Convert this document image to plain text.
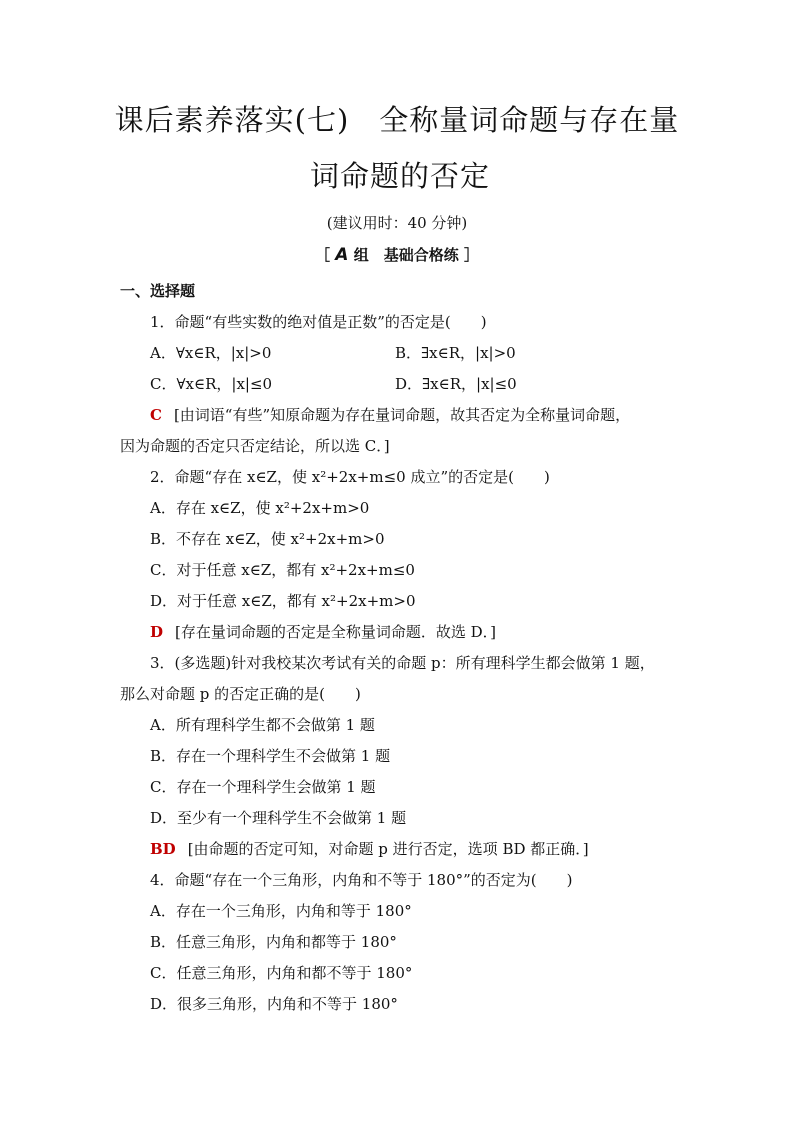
课后素养落实(七)　全称量词命题与存在量
词命题的否定
(建议用时：40 分钟)
［ A 组　基础合格练 ］
一、选择题
1．命题“有些实数的绝对值是正数”的否定是(　　)
A．∀x∈R，|x|>0	B．∃x∈R，|x|>0
C．∀x∈R，|x|≤0	D．∃x∈R，|x|≤0
C [由词语“有些”知原命题为存在量词命题，故其否定为全称量词命题，
因为命题的否定只否定结论，所以选 C．]
2．命题“存在 x∈Z，使 x²+2x+m≤0 成立”的否定是(　　)
A．存在 x∈Z，使 x²+2x+m>0
B．不存在 x∈Z，使 x²+2x+m>0
C．对于任意 x∈Z，都有 x²+2x+m≤0
D．对于任意 x∈Z，都有 x²+2x+m>0
D [存在量词命题的否定是全称量词命题．故选 D．]
3．(多选题)针对我校某次考试有关的命题 p：所有理科学生都会做第 1 题，
那么对命题 p 的否定正确的是(　　)
A．所有理科学生都不会做第 1 题
B．存在一个理科学生不会做第 1 题
C．存在一个理科学生会做第 1 题
D．至少有一个理科学生不会做第 1 题
BD [由命题的否定可知，对命题 p 进行否定，选项 BD 都正确．]
4．命题“存在一个三角形，内角和不等于 180°”的否定为(　　)
A．存在一个三角形，内角和等于 180°
B．任意三角形，内角和都等于 180°
C．任意三角形，内角和都不等于 180°
D．很多三角形，内角和不等于 180°
